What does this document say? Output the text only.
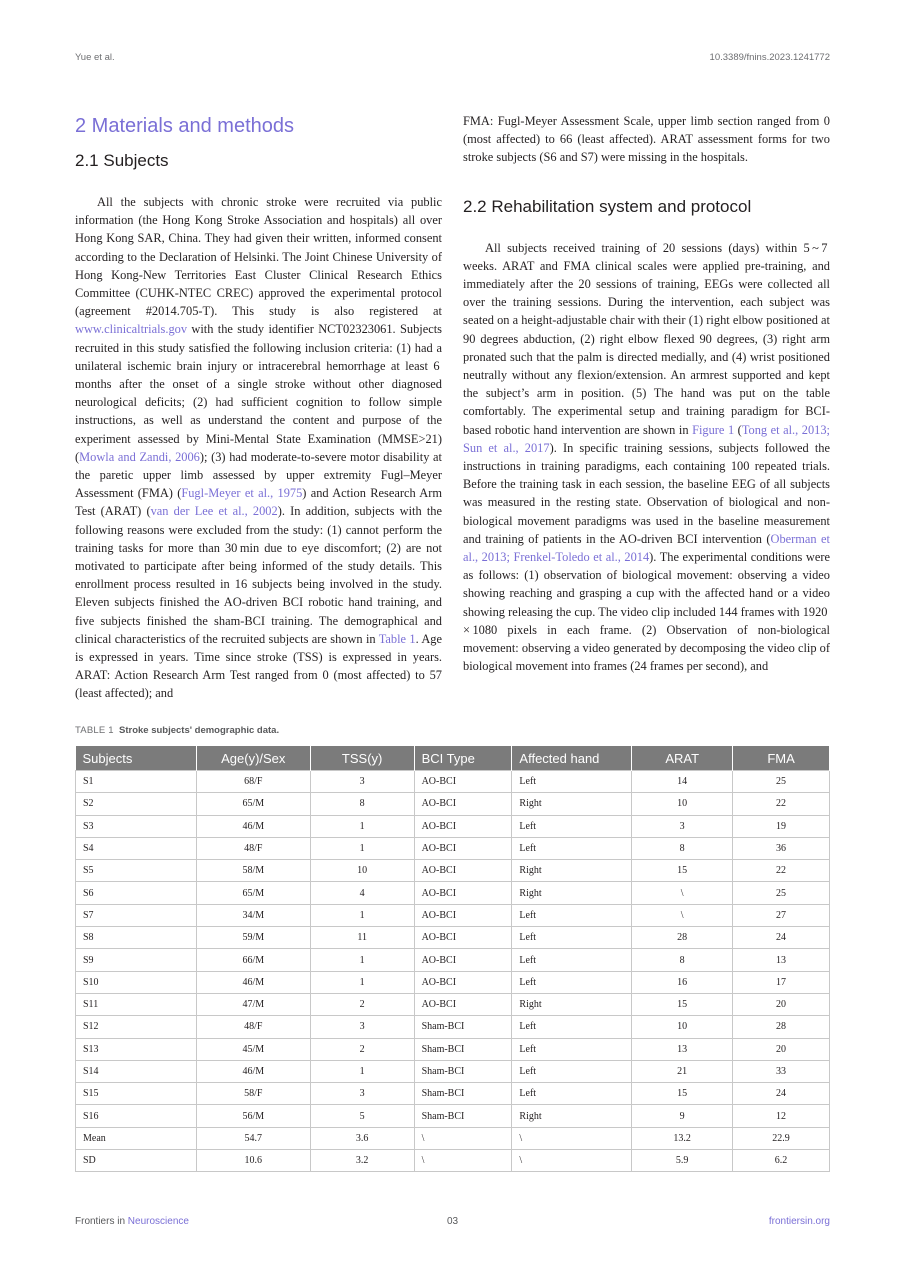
Yue et al.	10.3389/fnins.2023.1241772
2 Materials and methods
2.1 Subjects

All the subjects with chronic stroke were recruited via public information (the Hong Kong Stroke Association and hospitals) all over Hong Kong SAR, China. They had given their written, informed consent according to the Declaration of Helsinki. The Joint Chinese University of Hong Kong-New Territories East Cluster Clinical Research Ethics Committee (CUHK-NTEC CREC) approved the experimental protocol (agreement #2014.705-T). This study is also registered at www.clinicaltrials.gov with the study identifier NCT02323061. Subjects recruited in this study satisfied the following inclusion criteria: (1) had a unilateral ischemic brain injury or intracerebral hemorrhage at least 6 months after the onset of a single stroke without other diagnosed neurological deficits; (2) had sufficient cognition to follow simple instructions, as well as understand the content and purpose of the experiment assessed by Mini-Mental State Examination (MMSE>21) (Mowla and Zandi, 2006); (3) had moderate-to-severe motor disability at the paretic upper limb assessed by upper extremity Fugl–Meyer Assessment (FMA) (Fugl-Meyer et al., 1975) and Action Research Arm Test (ARAT) (van der Lee et al., 2002). In addition, subjects with the following reasons were excluded from the study: (1) cannot perform the training tasks for more than 30 min due to eye discomfort; (2) are not motivated to participate after being informed of the study details. This enrollment process resulted in 16 subjects being involved in the study. Eleven subjects finished the AO-driven BCI robotic hand training, and five subjects finished the sham-BCI training. The demographical and clinical characteristics of the recruited subjects are shown in Table 1. Age is expressed in years. Time since stroke (TSS) is expressed in years. ARAT: Action Research Arm Test ranged from 0 (most affected) to 57 (least affected); and

FMA: Fugl-Meyer Assessment Scale, upper limb section ranged from 0 (most affected) to 66 (least affected). ARAT assessment forms for two stroke subjects (S6 and S7) were missing in the hospitals.

2.2 Rehabilitation system and protocol

All subjects received training of 20 sessions (days) within 5 ~ 7 weeks. ARAT and FMA clinical scales were applied pre-training, and immediately after the 20 sessions of training, EEGs were collected all over the training sessions. During the intervention, each subject was seated on a height-adjustable chair with their (1) right elbow positioned at 90 degrees abduction, (2) right elbow flexed 90 degrees, (3) right arm pronated such that the palm is directed medially, and (4) wrist positioned neutrally without any flexion/extension. An armrest supported and kept the subject’s arm in position. (5) The hand was put on the table comfortably. The experimental setup and training paradigm for BCI-based robotic hand intervention are shown in Figure 1 (Tong et al., 2013; Sun et al., 2017). In specific training sessions, subjects followed the instructions in training paradigms, each containing 100 repeated trials. Before the training task in each session, the baseline EEG of all subjects was measured in the resting state. Observation of biological and non-biological movement paradigms was used in the baseline measurement and training of patients in the AO-driven BCI intervention (Oberman et al., 2013; Frenkel-Toledo et al., 2014). The experimental conditions were as follows: (1) observation of biological movement: observing a video showing reaching and grasping a cup with the affected hand or a video showing releasing the cup. The video clip included 144 frames with 1920 × 1080 pixels in each frame. (2) Observation of non-biological movement: observing a video generated by decomposing the video clip of biological movement into frames (24 frames per second), and

TABLE 1 Stroke subjects' demographic data.
Subjects	Age(y)/Sex	TSS(y)	BCI Type	Affected hand	ARAT	FMA
S1	68/F	3	AO-BCI	Left	14	25
S2	65/M	8	AO-BCI	Right	10	22
S3	46/M	1	AO-BCI	Left	3	19
S4	48/F	1	AO-BCI	Left	8	36
S5	58/M	10	AO-BCI	Right	15	22
S6	65/M	4	AO-BCI	Right	\	25
S7	34/M	1	AO-BCI	Left	\	27
S8	59/M	11	AO-BCI	Left	28	24
S9	66/M	1	AO-BCI	Left	8	13
S10	46/M	1	AO-BCI	Left	16	17
S11	47/M	2	AO-BCI	Right	15	20
S12	48/F	3	Sham-BCI	Left	10	28
S13	45/M	2	Sham-BCI	Left	13	20
S14	46/M	1	Sham-BCI	Left	21	33
S15	58/F	3	Sham-BCI	Left	15	24
S16	56/M	5	Sham-BCI	Right	9	12
Mean	54.7	3.6	\	\	13.2	22.9
SD	10.6	3.2	\	\	5.9	6.2
Frontiers in Neuroscience	03	frontiersin.org
